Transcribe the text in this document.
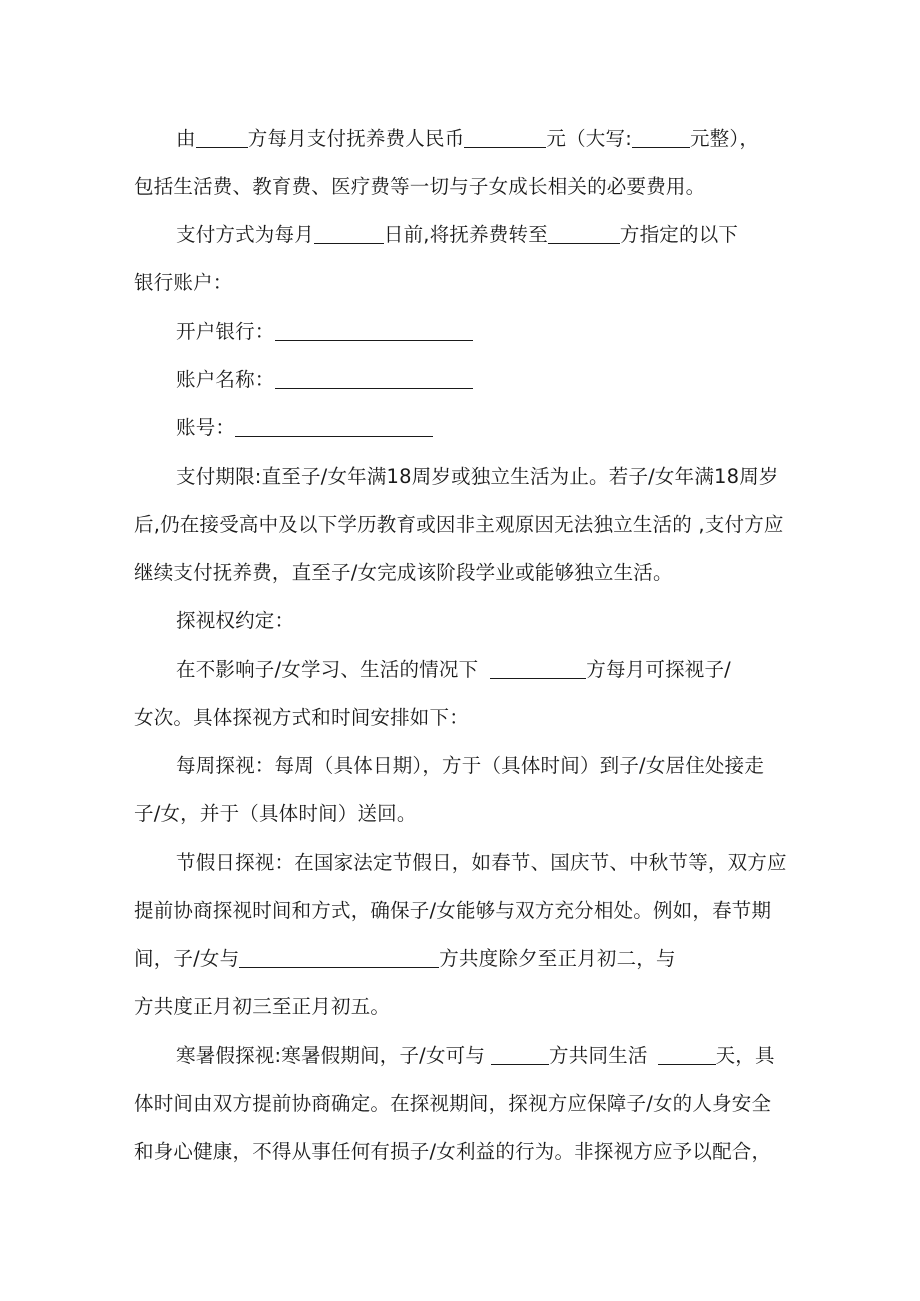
由	方每月支付抚养费人民币	元（大写:	元整），
包括生活费、教育费、医疗费等一切与子女成长相关的必要费用。
支付方式为每月	日前,将抚养费转至	方指定的以下
银行账户：
开户银行：
账户名称：
账号：
支付期限:直至子/女年满18周岁或独立生活为止。若子/女年满18周岁
后,仍在接受高中及以下学历教育或因非主观原因无法独立生活的 ,支付方应
继续支付抚养费，直至子/女完成该阶段学业或能够独立生活。
探视权约定：
在不影响子/女学习、生活的情况下	方每月可探视子/
女次。具体探视方式和时间安排如下：
每周探视：每周（具体日期），方于（具体时间）到子/女居住处接走
子/女，并于（具体时间）送回。
节假日探视：在国家法定节假日，如春节、国庆节、中秋节等，双方应
提前协商探视时间和方式，确保子/女能够与双方充分相处。例如，春节期
间，子/女与	方共度除夕至正月初二，与
方共度正月初三至正月初五。
寒暑假探视:寒暑假期间，子/女可与	方共同生活	天，具
体时间由双方提前协商确定。在探视期间，探视方应保障子/女的人身安全
和身心健康，不得从事任何有损子/女利益的行为。非探视方应予以配合，
